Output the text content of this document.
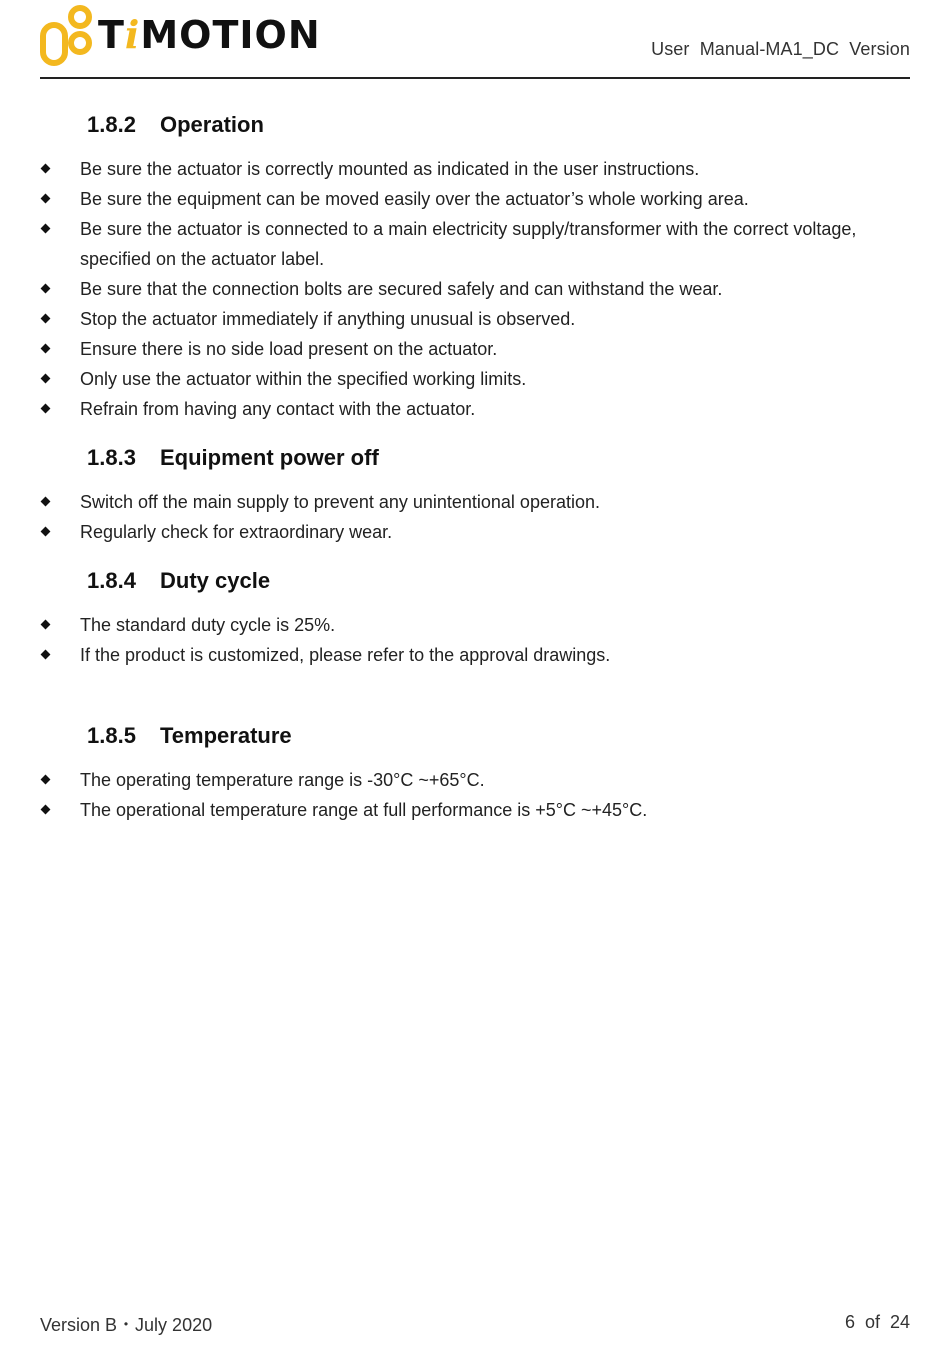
TiMOTION	User  Manual-MA1_DC  Version
1.8.2 Operation
Be sure the actuator is correctly mounted as indicated in the user instructions.
Be sure the equipment can be moved easily over the actuator’s whole working area.
Be sure the actuator is connected to a main electricity supply/transformer with the correct voltage, specified on the actuator label.
Be sure that the connection bolts are secured safely and can withstand the wear.
Stop the actuator immediately if anything unusual is observed.
Ensure there is no side load present on the actuator.
Only use the actuator within the specified working limits.
Refrain from having any contact with the actuator.
1.8.3 Equipment power off
Switch off the main supply to prevent any unintentional operation.
Regularly check for extraordinary wear.
1.8.4 Duty cycle
The standard duty cycle is 25%.
If the product is customized, please refer to the approval drawings.
1.8.5 Temperature
The operating temperature range is -30°C ~+65°C.
The operational temperature range at full performance is +5°C ~+45°C.
Version B・July 2020	6  of  24
